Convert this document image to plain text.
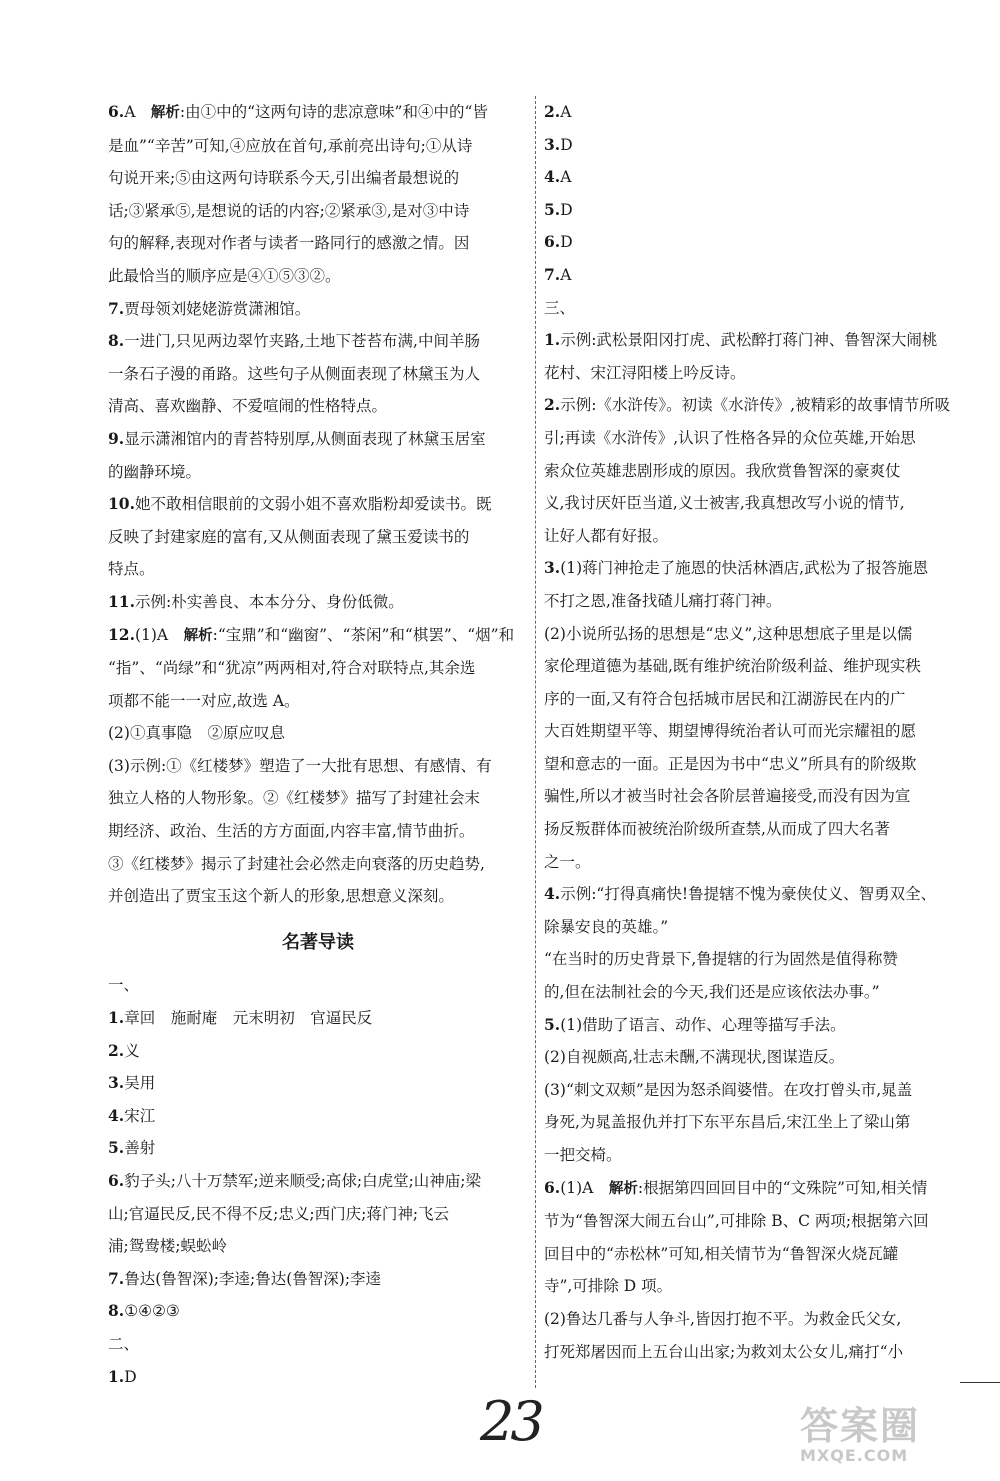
6.A　 解析:由①中的“这两句诗的悲凉意味”和④中的“皆
是血”“辛苦”可知,④应放在首句,承前亮出诗句;①从诗
句说开来;⑤由这两句诗联系今天,引出编者最想说的
话;③紧承⑤,是想说的话的内容;②紧承③,是对③中诗
句的解释,表现对作者与读者一路同行的感激之情。因
此最恰当的顺序应是④①⑤③②。
7.贾母领刘姥姥游赏潇湘馆。
8.一进门,只见两边翠竹夹路,土地下苍苔布满,中间羊肠
一条石子漫的甬路。这些句子从侧面表现了林黛玉为人
清高、喜欢幽静、不爱喧闹的性格特点。
9.显示潇湘馆内的青苔特别厚,从侧面表现了林黛玉居室
的幽静环境。
10.她不敢相信眼前的文弱小姐不喜欢脂粉却爱读书。既
反映了封建家庭的富有,又从侧面表现了黛玉爱读书的
特点。
11.示例:朴实善良、本本分分、身份低微。
12.(1)A　 解析:“宝鼎”和“幽窗”、“茶闲”和“棋罢”、“烟”和
“指”、“尚绿”和“犹凉”两两相对,符合对联特点,其余选
项都不能一一对应,故选 A。
(2)①真事隐　②原应叹息
(3)示例:①《红楼梦》塑造了一大批有思想、有感情、有
独立人格的人物形象。②《红楼梦》描写了封建社会末
期经济、政治、生活的方方面面,内容丰富,情节曲折。
③《红楼梦》揭示了封建社会必然走向衰落的历史趋势,
并创造出了贾宝玉这个新人的形象,思想意义深刻。
名著导读
一、
1.章回　施耐庵　元末明初　官逼民反
2.义
3.吴用
4.宋江
5.善射
6.豹子头;八十万禁军;逆来顺受;高俅;白虎堂;山神庙;梁
山;官逼民反,民不得不反;忠义;西门庆;蒋门神;飞云
浦;鸳鸯楼;蜈蚣岭
7.鲁达(鲁智深);李逵;鲁达(鲁智深);李逵
8.①④②③
二、
1.D
2.A
3.D
4.A
5.D
6.D
7.A
三、
1.示例:武松景阳冈打虎、武松醉打蒋门神、鲁智深大闹桃
花村、宋江浔阳楼上吟反诗。
2.示例:《水浒传》。初读《水浒传》,被精彩的故事情节所吸
引;再读《水浒传》,认识了性格各异的众位英雄,开始思
索众位英雄悲剧形成的原因。我欣赏鲁智深的豪爽仗
义,我讨厌奸臣当道,义士被害,我真想改写小说的情节,
让好人都有好报。
3.(1)蒋门神抢走了施恩的快活林酒店,武松为了报答施恩
不打之恩,准备找碴儿痛打蒋门神。
(2)小说所弘扬的思想是“忠义”,这种思想底子里是以儒
家伦理道德为基础,既有维护统治阶级利益、维护现实秩
序的一面,又有符合包括城市居民和江湖游民在内的广
大百姓期望平等、期望博得统治者认可而光宗耀祖的愿
望和意志的一面。正是因为书中“忠义”所具有的阶级欺
骗性,所以才被当时社会各阶层普遍接受,而没有因为宣
扬反叛群体而被统治阶级所查禁,从而成了四大名著
之一。
4.示例:“打得真痛快!鲁提辖不愧为豪侠仗义、智勇双全、
除暴安良的英雄。”
“在当时的历史背景下,鲁提辖的行为固然是值得称赞
的,但在法制社会的今天,我们还是应该依法办事。”
5.(1)借助了语言、动作、心理等描写手法。
(2)自视颇高,壮志未酬,不满现状,图谋造反。
(3)“刺文双颊”是因为怒杀阎婆惜。在攻打曾头市,晁盖
身死,为晁盖报仇并打下东平东昌后,宋江坐上了梁山第
一把交椅。
6.(1)A　 解析:根据第四回回目中的“文殊院”可知,相关情
节为“鲁智深大闹五台山”,可排除 B、C 两项;根据第六回
回目中的“赤松林”可知,相关情节为“鲁智深火烧瓦罐
寺”,可排除 D 项。
(2)鲁达几番与人争斗,皆因打抱不平。为救金氏父女,
打死郑屠因而上五台山出家;为救刘太公女儿,痛打“小
23	答案圈
MXQE.COM
